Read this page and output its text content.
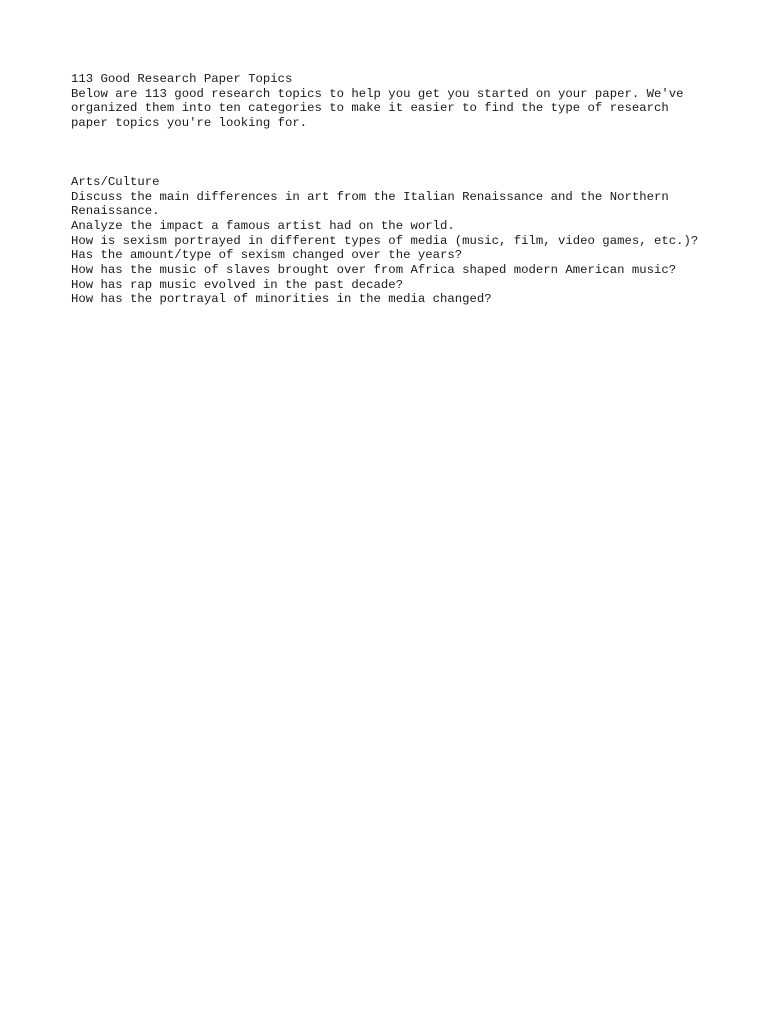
113 Good Research Paper Topics
Below are 113 good research topics to help you get you started on your paper. We've organized them into ten categories to make it easier to find the type of research paper topics you're looking for.
Arts/Culture
Discuss the main differences in art from the Italian Renaissance and the Northern Renaissance.
Analyze the impact a famous artist had on the world.
How is sexism portrayed in different types of media (music, film, video games, etc.)? Has the amount/type of sexism changed over the years?
How has the music of slaves brought over from Africa shaped modern American music?
How has rap music evolved in the past decade?
How has the portrayal of minorities in the media changed?
